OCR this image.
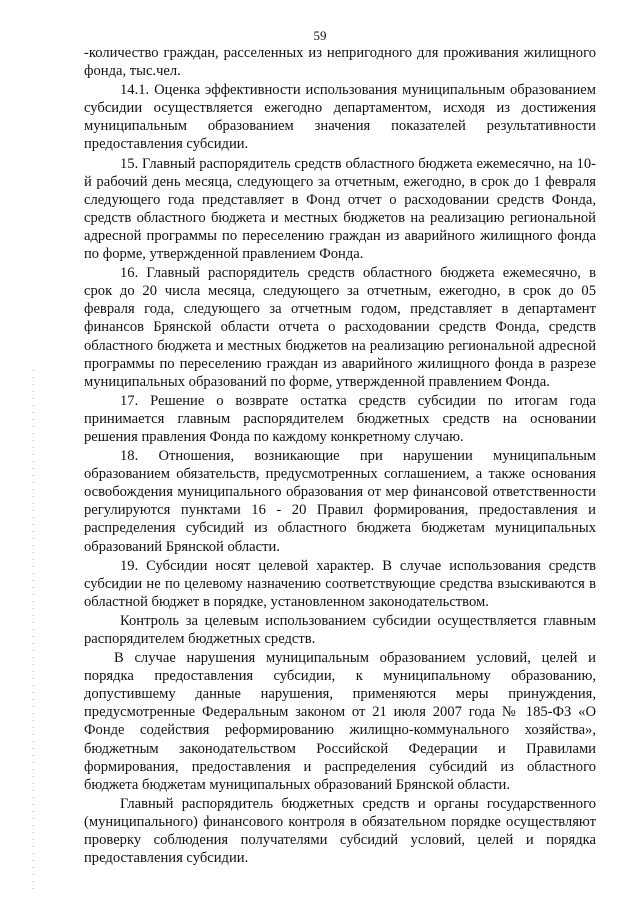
59

-количество граждан, расселенных из непригодного для проживания жилищного фонда, тыс.чел.

14.1. Оценка эффективности использования муниципальным образованием субсидии осуществляется ежегодно департаментом, исходя из достижения муниципальным образованием значения показателей результативности предоставления субсидии.

15. Главный распорядитель средств областного бюджета ежемесячно, на 10-й рабочий день месяца, следующего за отчетным, ежегодно, в срок до 1 февраля следующего года представляет в Фонд отчет о расходовании средств Фонда, средств областного бюджета и местных бюджетов на реализацию региональной адресной программы по переселению граждан из аварийного жилищного фонда по форме, утвержденной правлением Фонда.

16. Главный распорядитель средств областного бюджета ежемесячно, в срок до 20 числа месяца, следующего за отчетным, ежегодно, в срок до 05 февраля года, следующего за отчетным годом, представляет в департамент финансов Брянской области отчета о расходовании средств Фонда, средств областного бюджета и местных бюджетов на реализацию региональной адресной программы по переселению граждан из аварийного жилищного фонда в разрезе муниципальных образований по форме, утвержденной правлением Фонда.

17. Решение о возврате остатка средств субсидии по итогам года принимается главным распорядителем бюджетных средств на основании решения правления Фонда по каждому конкретному случаю.

18. Отношения, возникающие при нарушении муниципальным образованием обязательств, предусмотренных соглашением, а также основания освобождения муниципального образования от мер финансовой ответственности регулируются пунктами 16 - 20 Правил формирования, предоставления и распределения субсидий из областного бюджета бюджетам муниципальных образований Брянской области.

19. Субсидии носят целевой характер. В случае использования средств субсидии не по целевому назначению соответствующие средства взыскиваются в областной бюджет в порядке, установленном законодательством.

Контроль за целевым использованием субсидии осуществляется главным распорядителем бюджетных средств.

В случае нарушения муниципальным образованием условий, целей и порядка предоставления субсидии, к муниципальному образованию, допустившему данные нарушения, применяются меры принуждения, предусмотренные Федеральным законом от 21 июля 2007 года № 185-ФЗ «О Фонде содействия реформированию жилищно-коммунального хозяйства», бюджетным законодательством Российской Федерации и Правилами формирования, предоставления и распределения субсидий из областного бюджета бюджетам муниципальных образований Брянской области.

Главный распорядитель бюджетных средств и органы государственного (муниципального) финансового контроля в обязательном порядке осуществляют проверку соблюдения получателями субсидий условий, целей и порядка предоставления субсидии.
